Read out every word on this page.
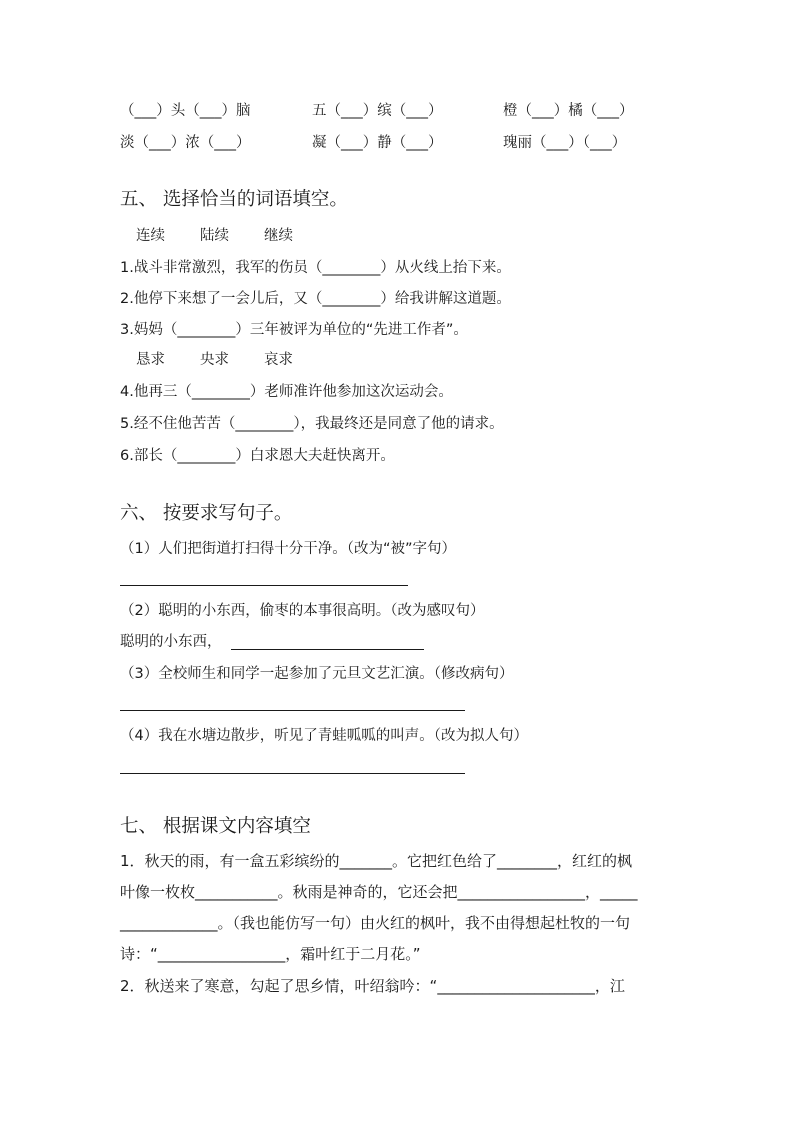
（___）头（___）脑	五（___）缤（___）	橙（___）橘（___）
淡（___）浓（___）	凝（___）静（___）	瑰丽（___）（___）
五、 选择恰当的词语填空。
连续 陆续 继续
1.战斗非常激烈，我军的伤员（________）从火线上抬下来。
2.他停下来想了一会儿后，又（________）给我讲解这道题。
3.妈妈（________）三年被评为单位的“先进工作者”。
恳求 央求 哀求
4.他再三（________）老师准许他参加这次运动会。
5.经不住他苦苦（________），我最终还是同意了他的请求。
6.部长（________）白求恩大夫赶快离开。
六、 按要求写句子。
（1）人们把街道打扫得十分干净。（改为“被”字句）
（2）聪明的小东西，偷枣的本事很高明。（改为感叹句）
聪明的小东西，
（3）全校师生和同学一起参加了元旦文艺汇演。（修改病句）
（4）我在水塘边散步，听见了青蛙呱呱的叫声。（改为拟人句）
七、 根据课文内容填空
1．秋天的雨，有一盒五彩缤纷的_______。它把红色给了________，红红的枫
叶像一枚枚___________。秋雨是神奇的，它还会把_________________，_____
_____________。（我也能仿写一句）由火红的枫叶，我不由得想起杜牧的一句
诗：“_________________，霜叶红于二月花。”
2．秋送来了寒意，勾起了思乡情，叶绍翁吟：“_____________________，江
